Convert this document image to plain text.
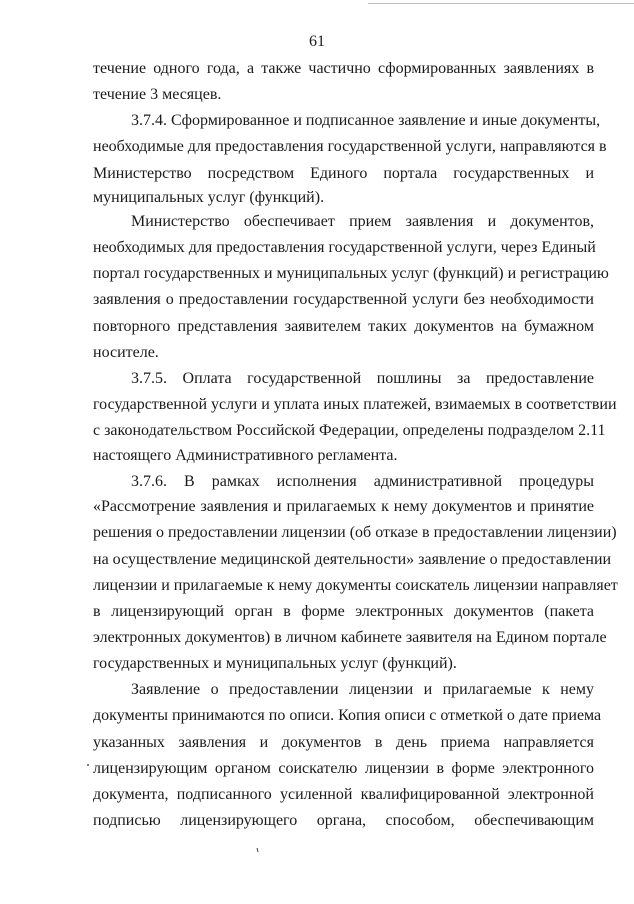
61
течение одного года, а также частично сформированных заявлениях в
течение 3 месяцев.
3.7.4. Сформированное и подписанное заявление и иные документы,
необходимые для предоставления государственной услуги, направляются в
Министерство посредством Единого портала государственных и
муниципальных услуг (функций).
Министерство обеспечивает прием заявления и документов,
необходимых для предоставления государственной услуги, через Единый
портал государственных и муниципальных услуг (функций) и регистрацию
заявления о предоставлении государственной услуги без необходимости
повторного представления заявителем таких документов на бумажном
носителе.
3.7.5. Оплата государственной пошлины за предоставление
государственной услуги и уплата иных платежей, взимаемых в соответствии
с законодательством Российской Федерации, определены подразделом 2.11
настоящего Административного регламента.
3.7.6. В рамках исполнения административной процедуры
«Рассмотрение заявления и прилагаемых к нему документов и принятие
решения о предоставлении лицензии (об отказе в предоставлении лицензии)
на осуществление медицинской деятельности» заявление о предоставлении
лицензии и прилагаемые к нему документы соискатель лицензии направляет
в лицензирующий орган в форме электронных документов (пакета
электронных документов) в личном кабинете заявителя на Едином портале
государственных и муниципальных услуг (функций).
Заявление о предоставлении лицензии и прилагаемые к нему
документы принимаются по описи. Копия описи с отметкой о дате приема
указанных заявления и документов в день приема направляется
лицензирующим органом соискателю лицензии в форме электронного
документа, подписанного усиленной квалифицированной электронной
подписью лицензирующего органа, способом, обеспечивающим
